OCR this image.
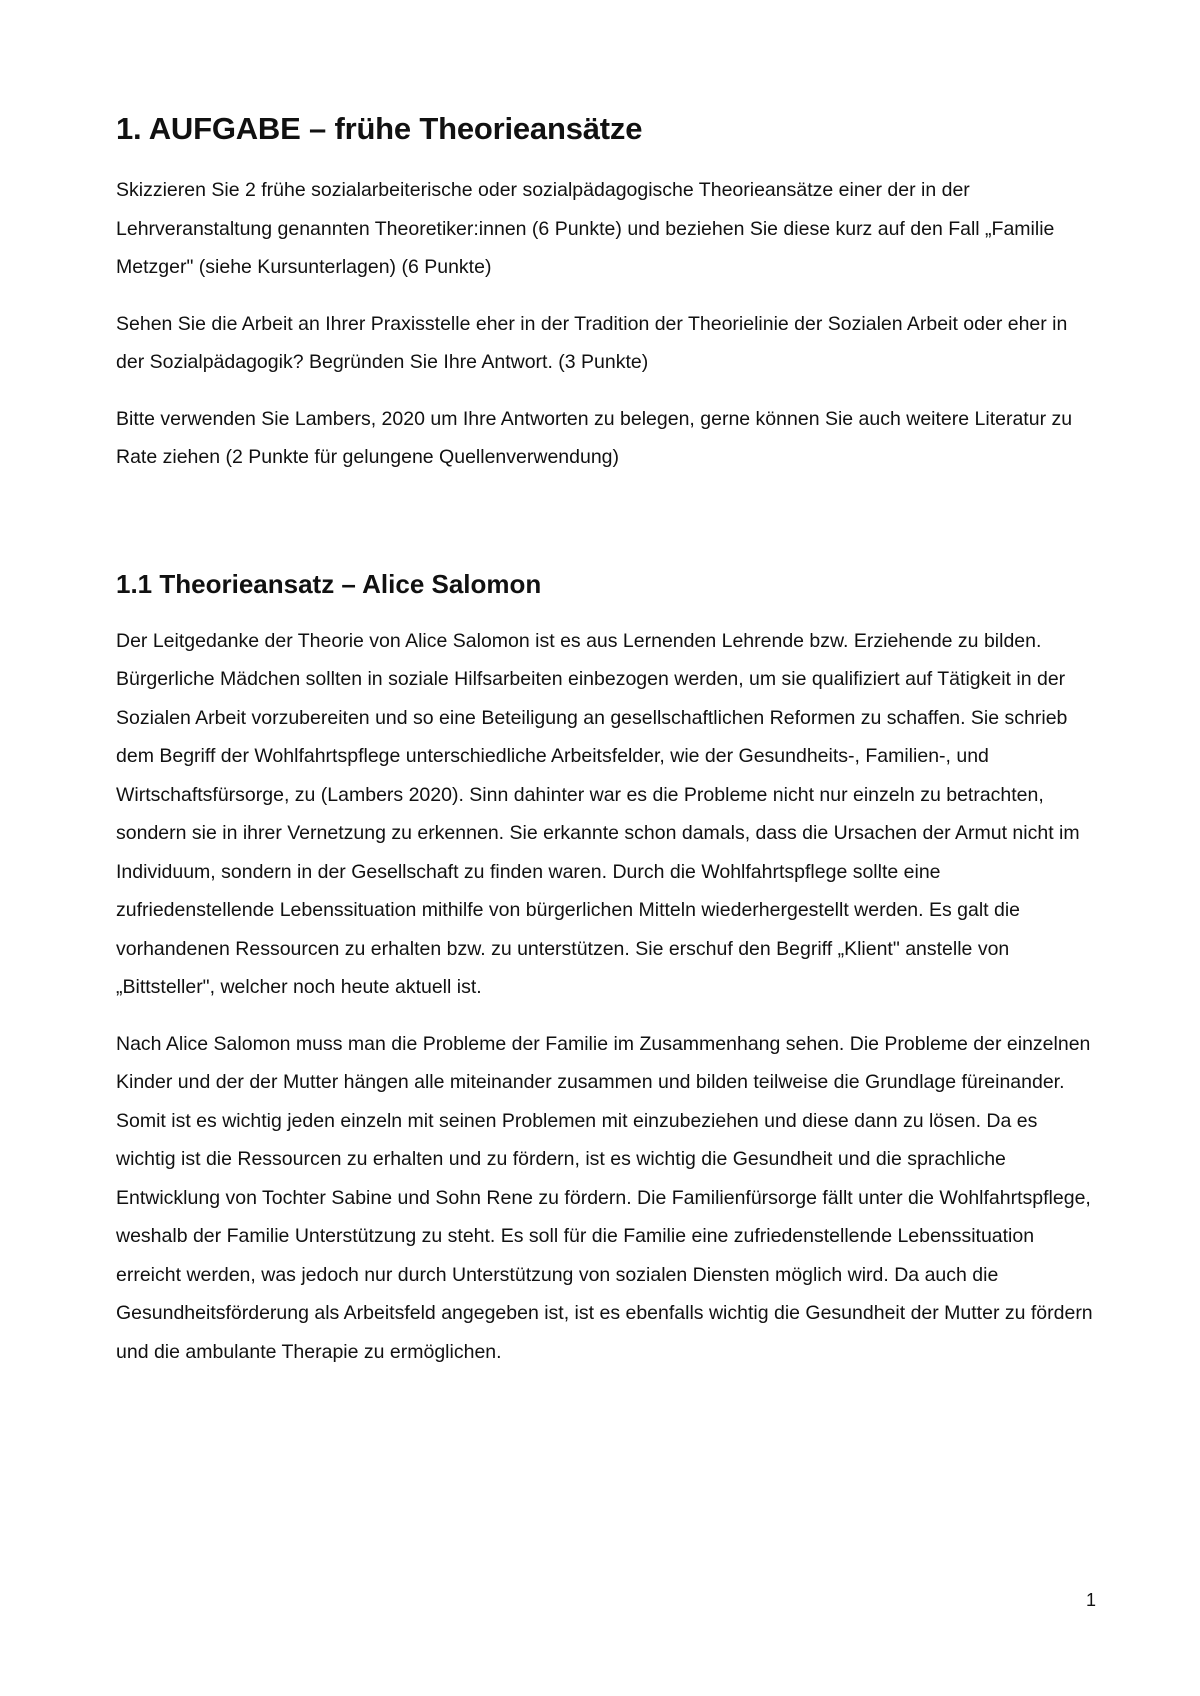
1. AUFGABE – frühe Theorieansätze

Skizzieren Sie 2 frühe sozialarbeiterische oder sozialpädagogische Theorieansätze einer der in der Lehrveranstaltung genannten Theoretiker:innen (6 Punkte) und beziehen Sie diese kurz auf den Fall „Familie Metzger" (siehe Kursunterlagen) (6 Punkte)

Sehen Sie die Arbeit an Ihrer Praxisstelle eher in der Tradition der Theorielinie der Sozialen Arbeit oder eher in der Sozialpädagogik? Begründen Sie Ihre Antwort. (3 Punkte)

Bitte verwenden Sie Lambers, 2020 um Ihre Antworten zu belegen, gerne können Sie auch weitere Literatur zu Rate ziehen (2 Punkte für gelungene Quellenverwendung)

1.1 Theorieansatz – Alice Salomon

Der Leitgedanke der Theorie von Alice Salomon ist es aus Lernenden Lehrende bzw. Erziehende zu bilden. Bürgerliche Mädchen sollten in soziale Hilfsarbeiten einbezogen werden, um sie qualifiziert auf Tätigkeit in der Sozialen Arbeit vorzubereiten und so eine Beteiligung an gesellschaftlichen Reformen zu schaffen. Sie schrieb dem Begriff der Wohlfahrtspflege unterschiedliche Arbeitsfelder, wie der Gesundheits-, Familien-, und Wirtschaftsfürsorge, zu (Lambers 2020). Sinn dahinter war es die Probleme nicht nur einzeln zu betrachten, sondern sie in ihrer Vernetzung zu erkennen. Sie erkannte schon damals, dass die Ursachen der Armut nicht im Individuum, sondern in der Gesellschaft zu finden waren. Durch die Wohlfahrtspflege sollte eine zufriedenstellende Lebenssituation mithilfe von bürgerlichen Mitteln wiederhergestellt werden. Es galt die vorhandenen Ressourcen zu erhalten bzw. zu unterstützen. Sie erschuf den Begriff „Klient" anstelle von „Bittsteller", welcher noch heute aktuell ist.

Nach Alice Salomon muss man die Probleme der Familie im Zusammenhang sehen. Die Probleme der einzelnen Kinder und der der Mutter hängen alle miteinander zusammen und bilden teilweise die Grundlage füreinander. Somit ist es wichtig jeden einzeln mit seinen Problemen mit einzubeziehen und diese dann zu lösen. Da es wichtig ist die Ressourcen zu erhalten und zu fördern, ist es wichtig die Gesundheit und die sprachliche Entwicklung von Tochter Sabine und Sohn Rene zu fördern. Die Familienfürsorge fällt unter die Wohlfahrtspflege, weshalb der Familie Unterstützung zu steht. Es soll für die Familie eine zufriedenstellende Lebenssituation erreicht werden, was jedoch nur durch Unterstützung von sozialen Diensten möglich wird. Da auch die Gesundheitsförderung als Arbeitsfeld angegeben ist, ist es ebenfalls wichtig die Gesundheit der Mutter zu fördern und die ambulante Therapie zu ermöglichen.

1
